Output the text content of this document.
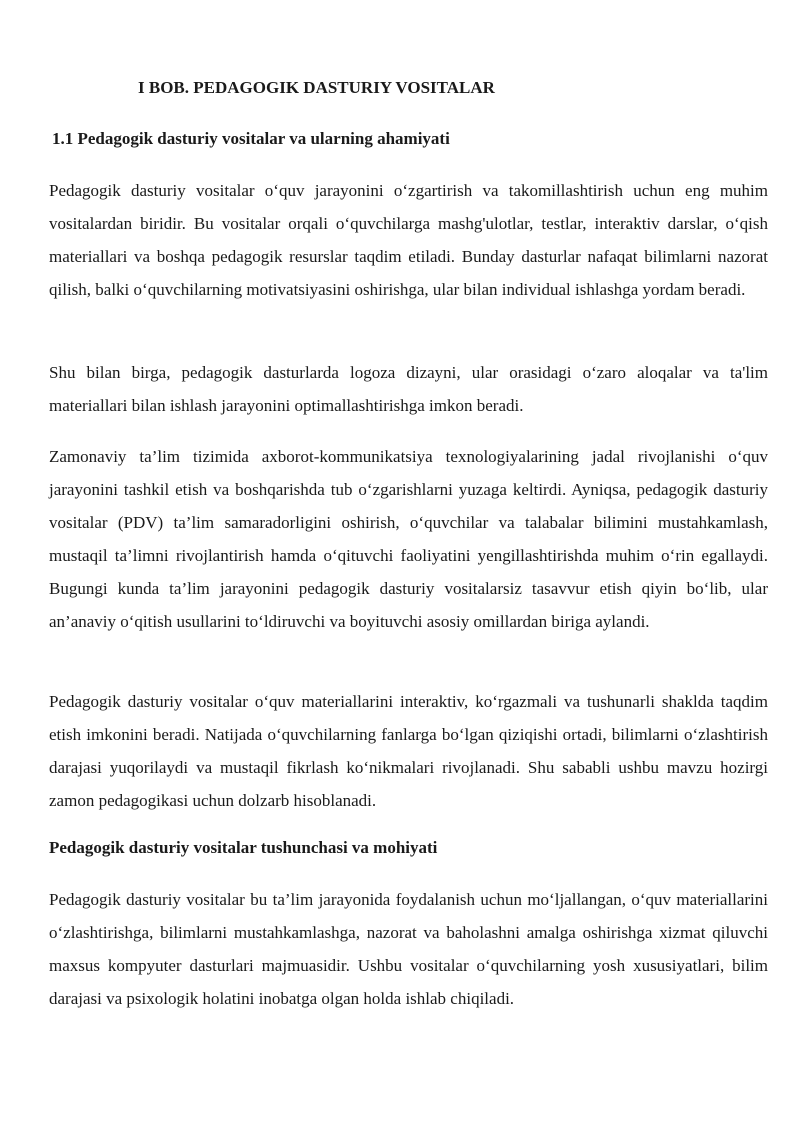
I BOB. PEDAGOGIK DASTURIY VOSITALAR
1.1 Pedagogik dasturiy vositalar va ularning ahamiyati

Pedagogik dasturiy vositalar o‘quv jarayonini o‘zgartirish va takomillashtirish uchun eng muhim vositalardan biridir. Bu vositalar orqali o‘quvchilarga mashg'ulotlar, testlar, interaktiv darslar, o‘qish materiallari va boshqa pedagogik resurslar taqdim etiladi. Bunday dasturlar nafaqat bilimlarni nazorat qilish, balki o‘quvchilarning motivatsiyasini oshirishga, ular bilan individual ishlashga yordam beradi.

Shu bilan birga, pedagogik dasturlarda logoza dizayni, ular orasidagi o‘zaro aloqalar va ta'lim materiallari bilan ishlash jarayonini optimallashtirishga imkon beradi.

Zamonaviy ta’lim tizimida axborot-kommunikatsiya texnologiyalarining jadal rivojlanishi o‘quv jarayonini tashkil etish va boshqarishda tub o‘zgarishlarni yuzaga keltirdi. Ayniqsa, pedagogik dasturiy vositalar (PDV) ta’lim samaradorligini oshirish, o‘quvchilar va talabalar bilimini mustahkamlash, mustaqil ta’limni rivojlantirish hamda o‘qituvchi faoliyatini yengillashtirishda muhim o‘rin egallaydi. Bugungi kunda ta’lim jarayonini pedagogik dasturiy vositalarsiz tasavvur etish qiyin bo‘lib, ular an’anaviy o‘qitish usullarini to‘ldiruvchi va boyituvchi asosiy omillardan biriga aylandi.

Pedagogik dasturiy vositalar o‘quv materiallarini interaktiv, ko‘rgazmali va tushunarli shaklda taqdim etish imkonini beradi. Natijada o‘quvchilarning fanlarga bo‘lgan qiziqishi ortadi, bilimlarni o‘zlashtirish darajasi yuqorilaydi va mustaqil fikrlash ko‘nikmalari rivojlanadi. Shu sababli ushbu mavzu hozirgi zamon pedagogikasi uchun dolzarb hisoblanadi.

Pedagogik dasturiy vositalar tushunchasi va mohiyati

Pedagogik dasturiy vositalar bu ta’lim jarayonida foydalanish uchun mo‘ljallangan, o‘quv materiallarini o‘zlashtirishga, bilimlarni mustahkamlashga, nazorat va baholashni amalga oshirishga xizmat qiluvchi maxsus kompyuter dasturlari majmuasidir. Ushbu vositalar o‘quvchilarning yosh xususiyatlari, bilim darajasi va psixologik holatini inobatga olgan holda ishlab chiqiladi.
